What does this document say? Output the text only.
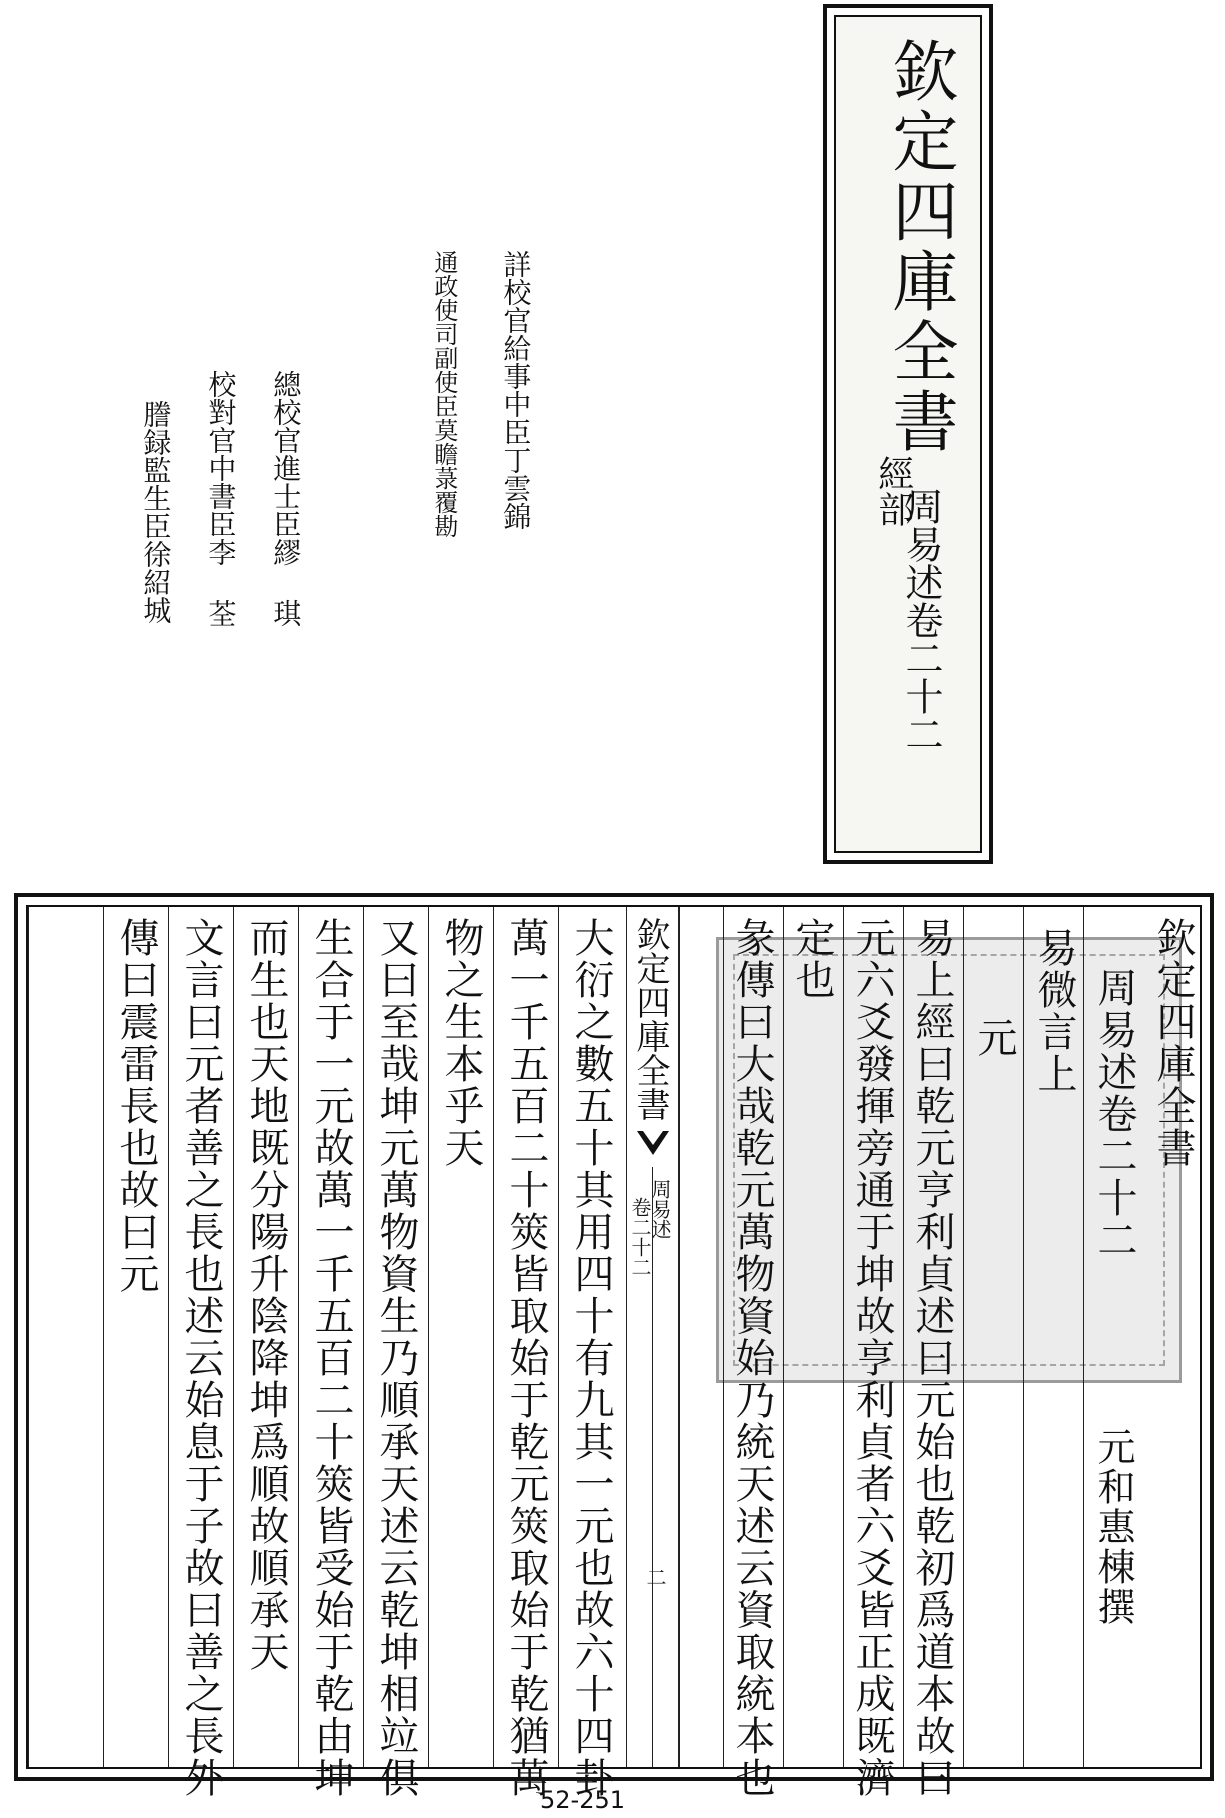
欽定四庫全書
經部
周易述卷二十二
詳校官給事中臣丁雲錦
通政使司副使臣莫瞻菉覆勘
總校官進士臣繆 琪
校對官中書臣李 荃
謄録監生臣徐紹城
欽定四庫全書
周易述卷二十二
元和惠棟撰
易微言上
元
易上經曰乾元亨利貞述曰元始也乾初爲道本故曰
元六爻發揮旁通于坤故亨利貞者六爻皆正成既濟
定也
彖傳曰大哉乾元萬物資始乃統天述云資取統本也
欽定四庫全書
周易述
卷二十二
二
大衍之數五十其用四十有九其一元也故六十四卦
萬一千五百二十筴皆取始于乾元筴取始于乾猶萬
物之生本乎天
又曰至哉坤元萬物資生乃順承天述云乾坤相竝俱
生合于一元故萬一千五百二十筴皆受始于乾由坤
而生也天地既分陽升陰降坤爲順故順承天
文言曰元者善之長也述云始息于子故曰善之長外
傳曰震雷長也故曰元
52-251
